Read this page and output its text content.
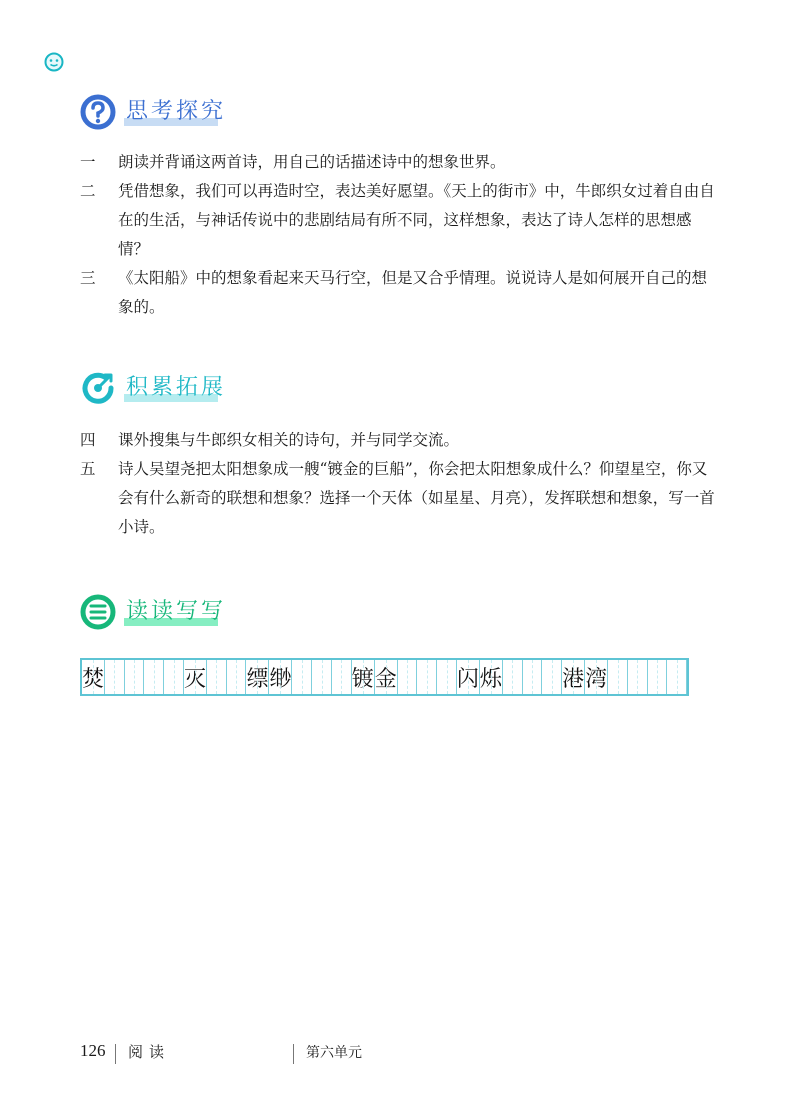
思考探究
一 朗读并背诵这两首诗，用自己的话描述诗中的想象世界。
二 凭借想象，我们可以再造时空，表达美好愿望。《天上的街市》中，牛郎织女过着自由自在的生活，与神话传说中的悲剧结局有所不同，这样想象，表达了诗人怎样的思想感情？
三 《太阳船》中的想象看起来天马行空，但是又合乎情理。说说诗人是如何展开自己的想象的。
积累拓展
四 课外搜集与牛郎织女相关的诗句，并与同学交流。
五 诗人吴望尧把太阳想象成一艘“镀金的巨船”，你会把太阳想象成什么？仰望星空，你又会有什么新奇的联想和想象？选择一个天体（如星星、月亮），发挥联想和想象，写一首小诗。
读读写写
焚	灭 缥 缈	镀 金	闪 烁	港 湾
126 阅读	第六单元
